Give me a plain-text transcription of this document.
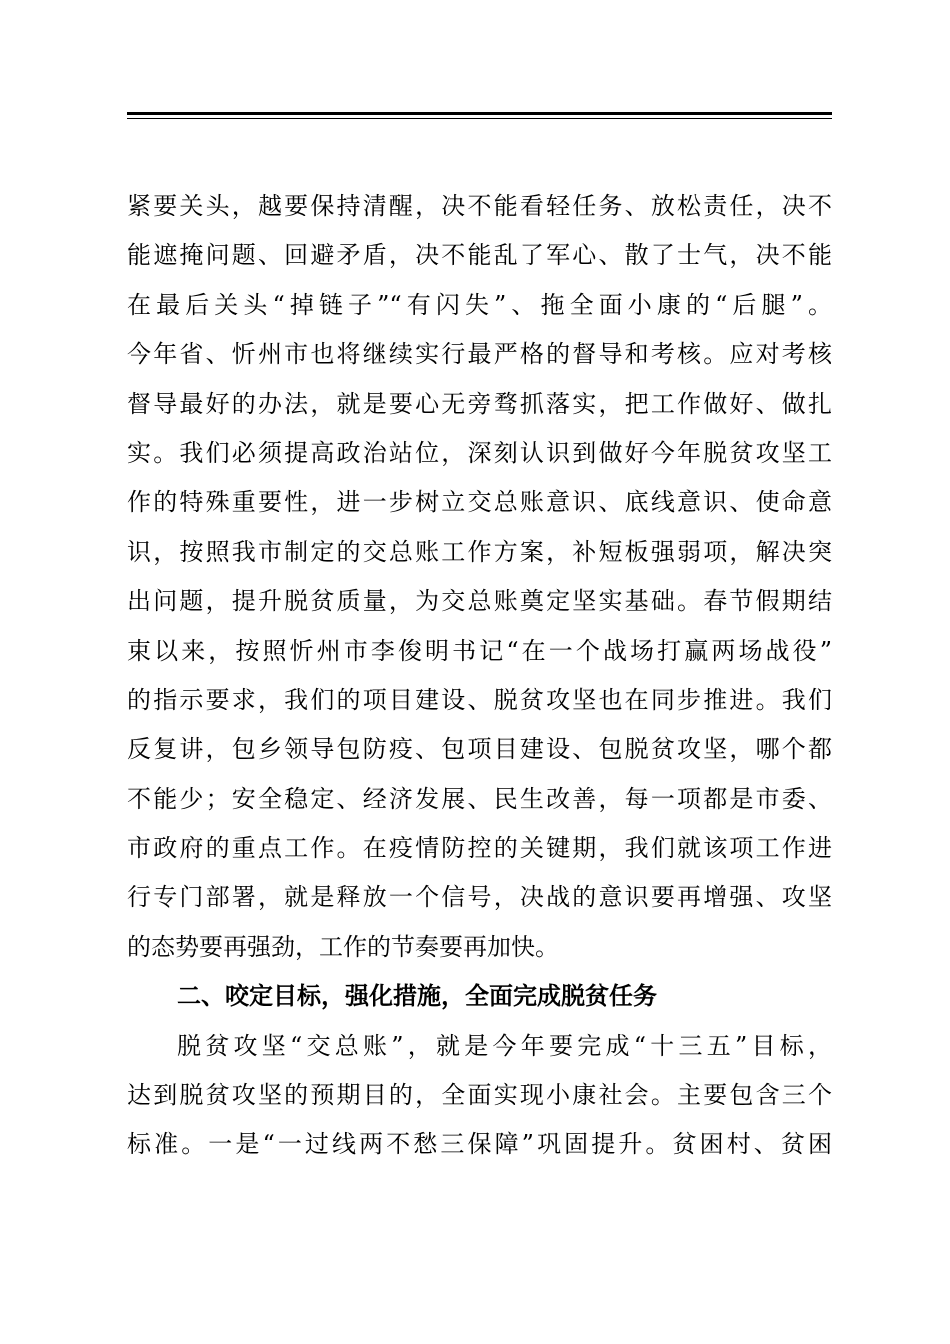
紧要关头，越要保持清醒，决不能看轻任务、放松责任，决不
能遮掩问题、回避矛盾，决不能乱了军心、散了士气，决不能
在最后关头“掉链子”“有闪失”、拖全面小康的“后腿”。
今年省、忻州市也将继续实行最严格的督导和考核。应对考核
督导最好的办法，就是要心无旁骛抓落实，把工作做好、做扎
实。我们必须提高政治站位，深刻认识到做好今年脱贫攻坚工
作的特殊重要性，进一步树立交总账意识、底线意识、使命意
识，按照我市制定的交总账工作方案，补短板强弱项，解决突
出问题，提升脱贫质量，为交总账奠定坚实基础。春节假期结
束以来，按照忻州市李俊明书记“在一个战场打赢两场战役”
的指示要求，我们的项目建设、脱贫攻坚也在同步推进。我们
反复讲，包乡领导包防疫、包项目建设、包脱贫攻坚，哪个都
不能少；安全稳定、经济发展、民生改善，每一项都是市委、
市政府的重点工作。在疫情防控的关键期，我们就该项工作进
行专门部署，就是释放一个信号，决战的意识要再增强、攻坚
的态势要再强劲，工作的节奏要再加快。
二、咬定目标，强化措施，全面完成脱贫任务
脱贫攻坚“交总账”，就是今年要完成“十三五”目标，
达到脱贫攻坚的预期目的，全面实现小康社会。主要包含三个
标准。一是“一过线两不愁三保障”巩固提升。贫困村、贫困
